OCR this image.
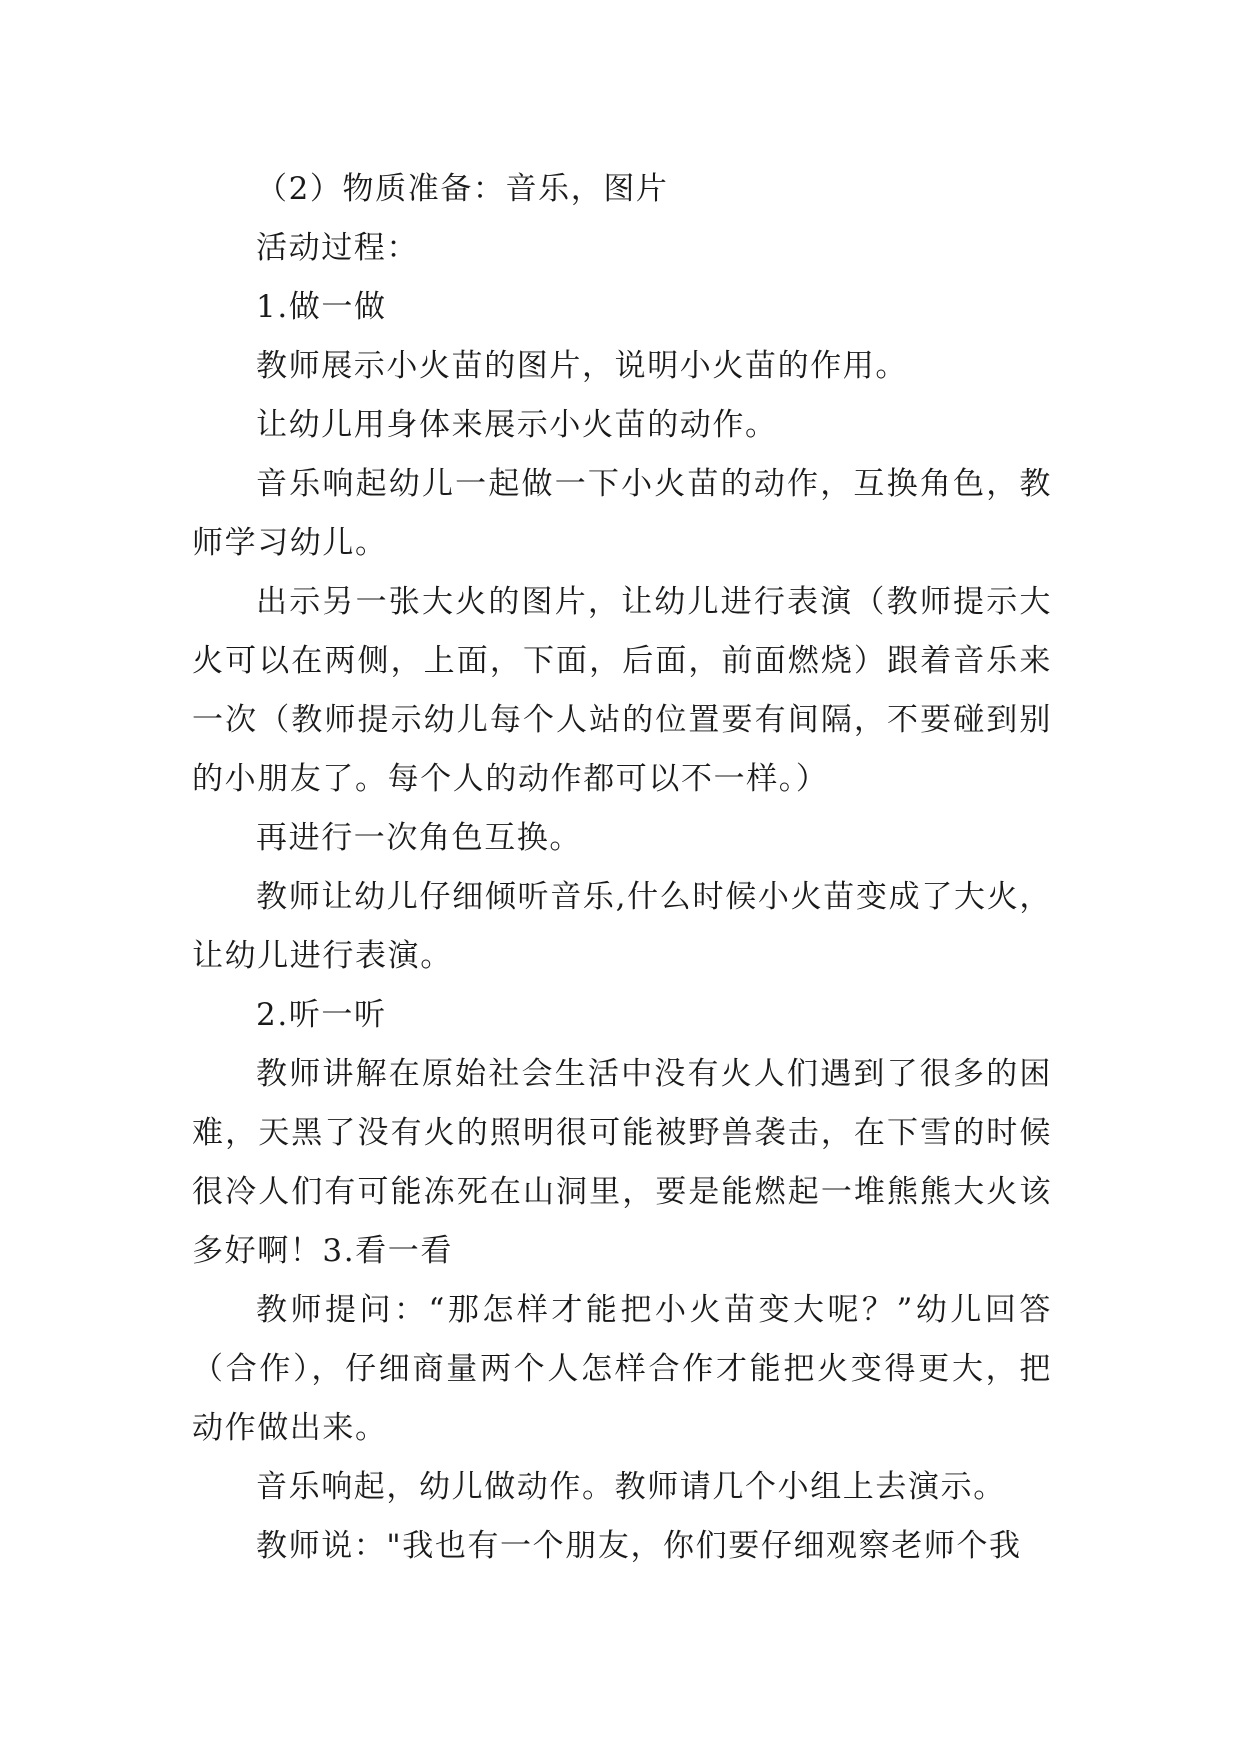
（2）物质准备：音乐，图片

活动过程：

1.做一做

教师展示小火苗的图片，说明小火苗的作用。

让幼儿用身体来展示小火苗的动作。

音乐响起幼儿一起做一下小火苗的动作，互换角色，教师学习幼儿。

出示另一张大火的图片，让幼儿进行表演（教师提示大火可以在两侧，上面，下面，后面，前面燃烧）跟着音乐来一次（教师提示幼儿每个人站的位置要有间隔，不要碰到别的小朋友了。每个人的动作都可以不一样。）

再进行一次角色互换。

教师让幼儿仔细倾听音乐,什么时候小火苗变成了大火，让幼儿进行表演。

2.听一听

教师讲解在原始社会生活中没有火人们遇到了很多的困难，天黑了没有火的照明很可能被野兽袭击，在下雪的时候很冷人们有可能冻死在山洞里，要是能燃起一堆熊熊大火该多好啊！3.看一看

教师提问：“那怎样才能把小火苗变大呢？”幼儿回答（合作），仔细商量两个人怎样合作才能把火变得更大，把动作做出来。

音乐响起，幼儿做动作。教师请几个小组上去演示。

教师说："我也有一个朋友，你们要仔细观察老师个我
